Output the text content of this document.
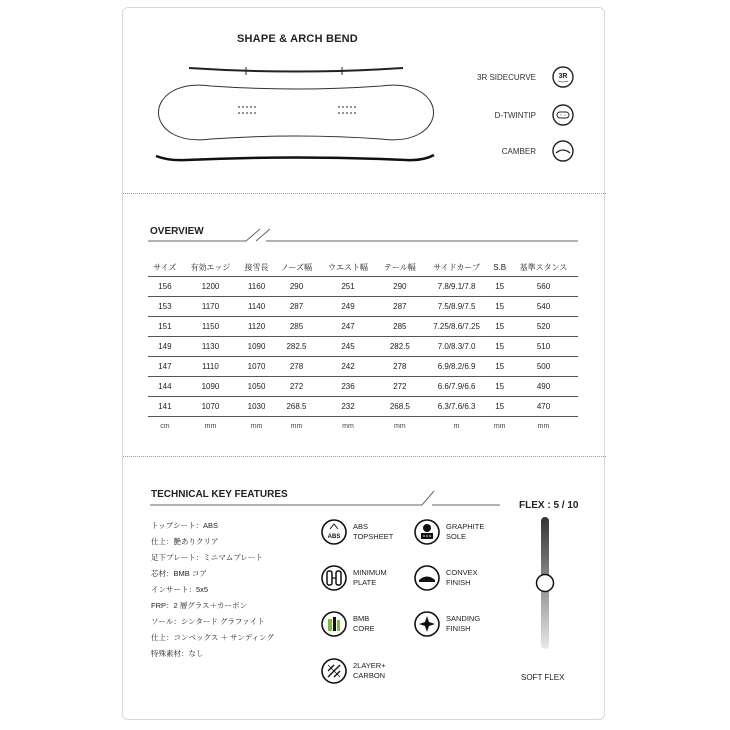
SHAPE & ARCH BEND
3R SIDECURVE	3R
D-TWINTIP
CAMBER
OVERVIEW
サイズ	有効エッジ	接雪長	ノーズ幅	ウエスト幅	テール幅	サイドカーブ	S.B	基準スタンス
156	1200	1160	290	251	290	7.8/9.1/7.8	15	560
153	1170	1140	287	249	287	7.5/8.9/7.5	15	540
151	1150	1120	285	247	285	7.25/8.6/7.25	15	520
149	1130	1090	282.5	245	282.5	7.0/8.3/7.0	15	510
147	1110	1070	278	242	278	6.9/8.2/6.9	15	500
144	1090	1050	272	236	272	6.6/7.9/6.6	15	490
141	1070	1030	268.5	232	268.5	6.3/7.6/6.3	15	470
cm	mm	mm	mm	mm	mm	m	mm	mm
TECHNICAL KEY FEATURES
トップシート：ABS
仕上：艶ありクリア
足下プレート：ミニマムプレート
芯材：BMB コア
インサート：5x5
FRP：2 層グラス＋カーボン
ソール：シンタード グラファイト
仕上：コンベックス ＋ サンディング
特殊素材：なし
ABS
ABS
TOPSHEET
GRAPHITE
SOLE
MINIMUM
PLATE
CONVEX
FINISH
BMB
CORE
SANDING
FINISH
2LAYER+
CARBON
FLEX : 5 / 10
SOFT FLEX
